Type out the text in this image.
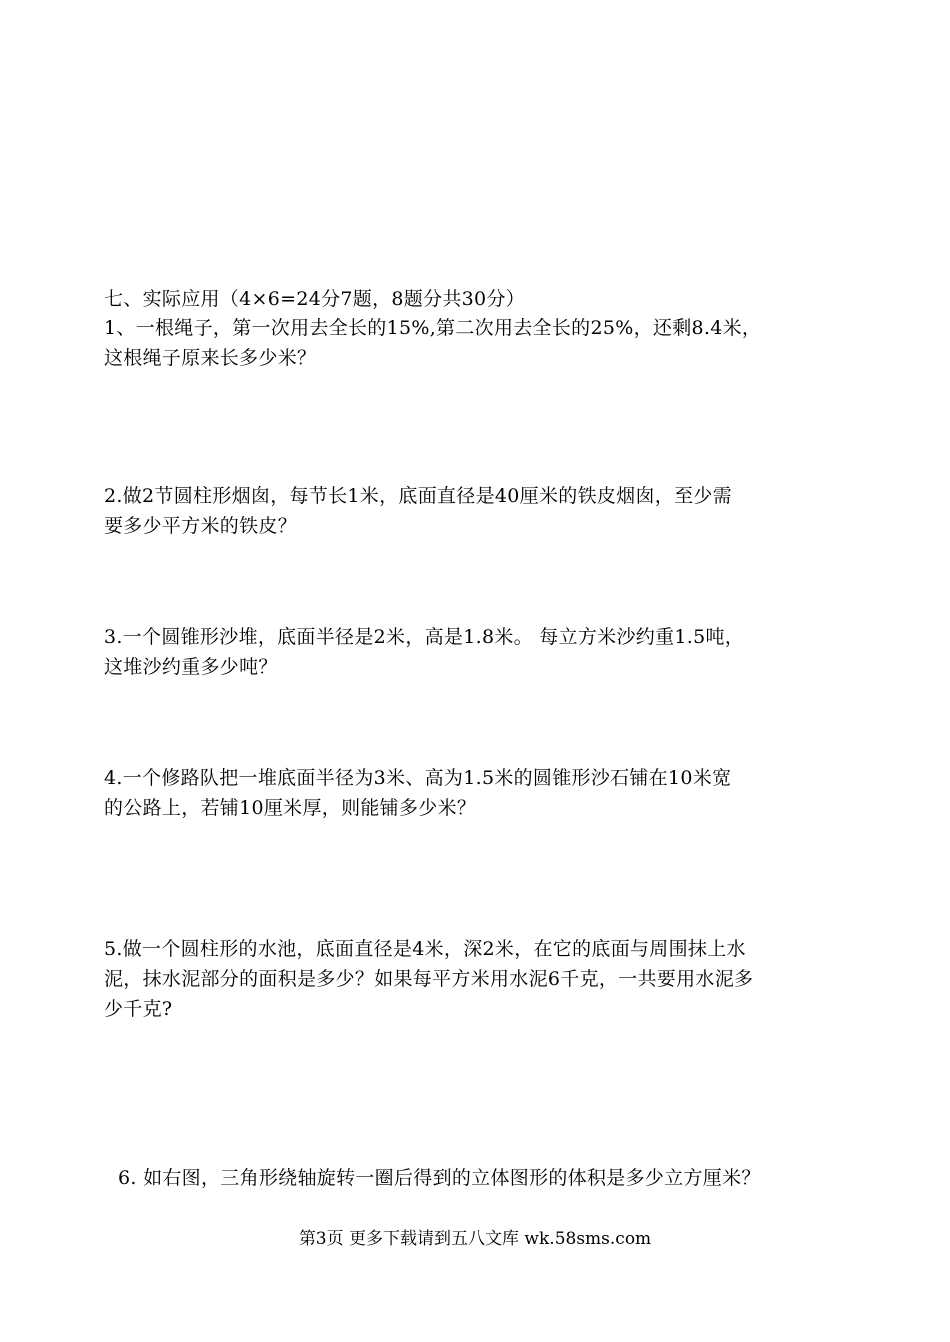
七、实际应用（4×6=24分7题，8题分共30分）
1、一根绳子，第一次用去全长的15%,第二次用去全长的25%，还剩8.4米，
这根绳子原来长多少米？
2.做2节圆柱形烟囱，每节长1米，底面直径是40厘米的铁皮烟囱，至少需
要多少平方米的铁皮？
3.一个圆锥形沙堆，底面半径是2米，高是1.8米。 每立方米沙约重1.5吨，
这堆沙约重多少吨？
4.一个修路队把一堆底面半径为3米、高为1.5米的圆锥形沙石铺在10米宽
的公路上，若铺10厘米厚，则能铺多少米？
5.做一个圆柱形的水池，底面直径是4米，深2米，在它的底面与周围抹上水
泥，抹水泥部分的面积是多少？如果每平方米用水泥6千克，一共要用水泥多
少千克?
6. 如右图，三角形绕轴旋转一圈后得到的立体图形的体积是多少立方厘米？
第3页 更多下载请到五八文库 wk.58sms.com
